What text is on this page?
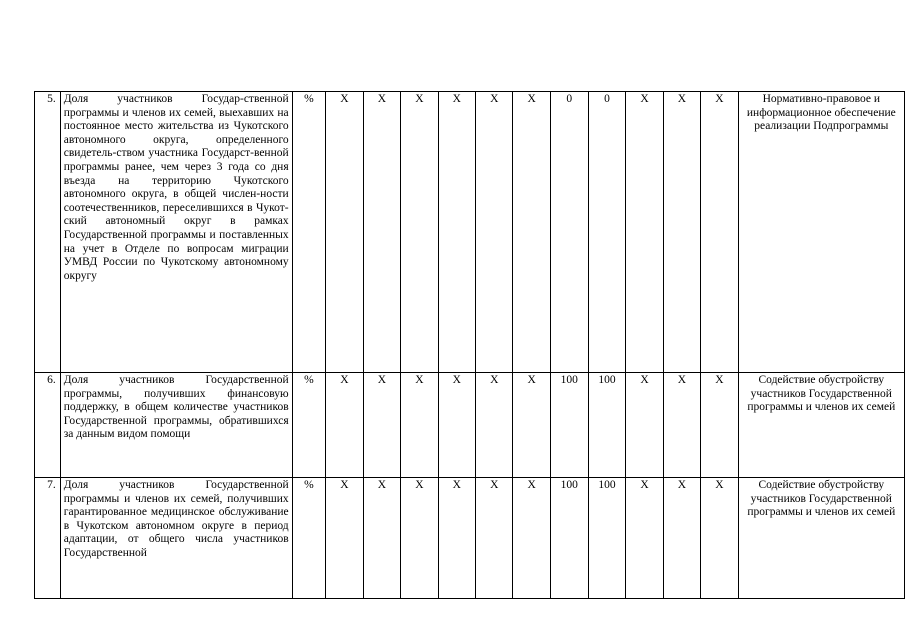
5.	Доля участников Государ-ственной программы и членов их семей, выехавших на постоянное место жительства из Чукотского автономного округа, определенного свидетель-ством участника Государст-венной программы ранее, чем через 3 года со дня въезда на территорию Чукотского автономного округа, в общей числен-ности соотечественников, переселившихся в Чукот-ский автономный округ в рамках Государственной программы и поставленных на учет в Отделе по вопросам миграции УМВД России по Чукотскому автономному округу	%	X	X	X	X	X	X	0	0	X	X	X	Нормативно-правовое и информационное обеспечение реализации Подпрограммы
6.	Доля участников Государственной программы, получивших финансовую поддержку, в общем количестве участников Государственной программы, обратившихся за данным видом помощи	%	X	X	X	X	X	X	100	100	X	X	X	Содействие обустройству участников Государственной программы и членов их семей
7.	Доля участников Государственной программы и членов их семей, получивших гарантированное медицинское обслуживание в Чукотском автономном округе в период адаптации, от общего числа участников Государственной	%	X	X	X	X	X	X	100	100	X	X	X	Содействие обустройству участников Государственной программы и членов их семей
